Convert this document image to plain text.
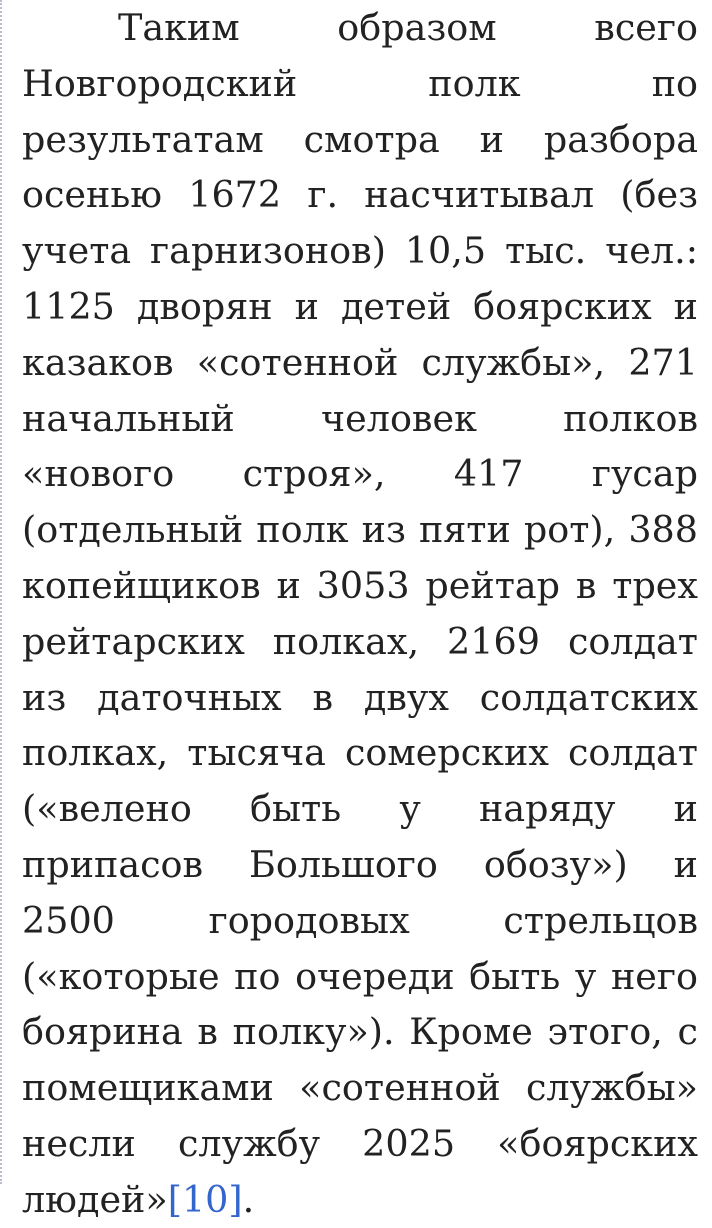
Таким образом всего Новгородский полк по результатам смотра и разбора осенью 1672 г. насчитывал (без учета гарнизонов) 10,5 тыс. чел.: 1125 дворян и детей боярских и казаков «сотенной службы», 271 начальный человек полков «нового строя», 417 гусар (отдельный полк из пяти рот), 388 копейщиков и 3053 рейтар в трех рейтарских полках, 2169 солдат из даточных в двух солдатских полках, тысяча сомерских солдат («велено быть у наряду и припасов Большого обозу») и 2500 городовых стрельцов («которые по очереди быть у него боярина в полку»). Кроме этого, с помещиками «сотенной службы» несли службу 2025 «боярских людей»[10].
